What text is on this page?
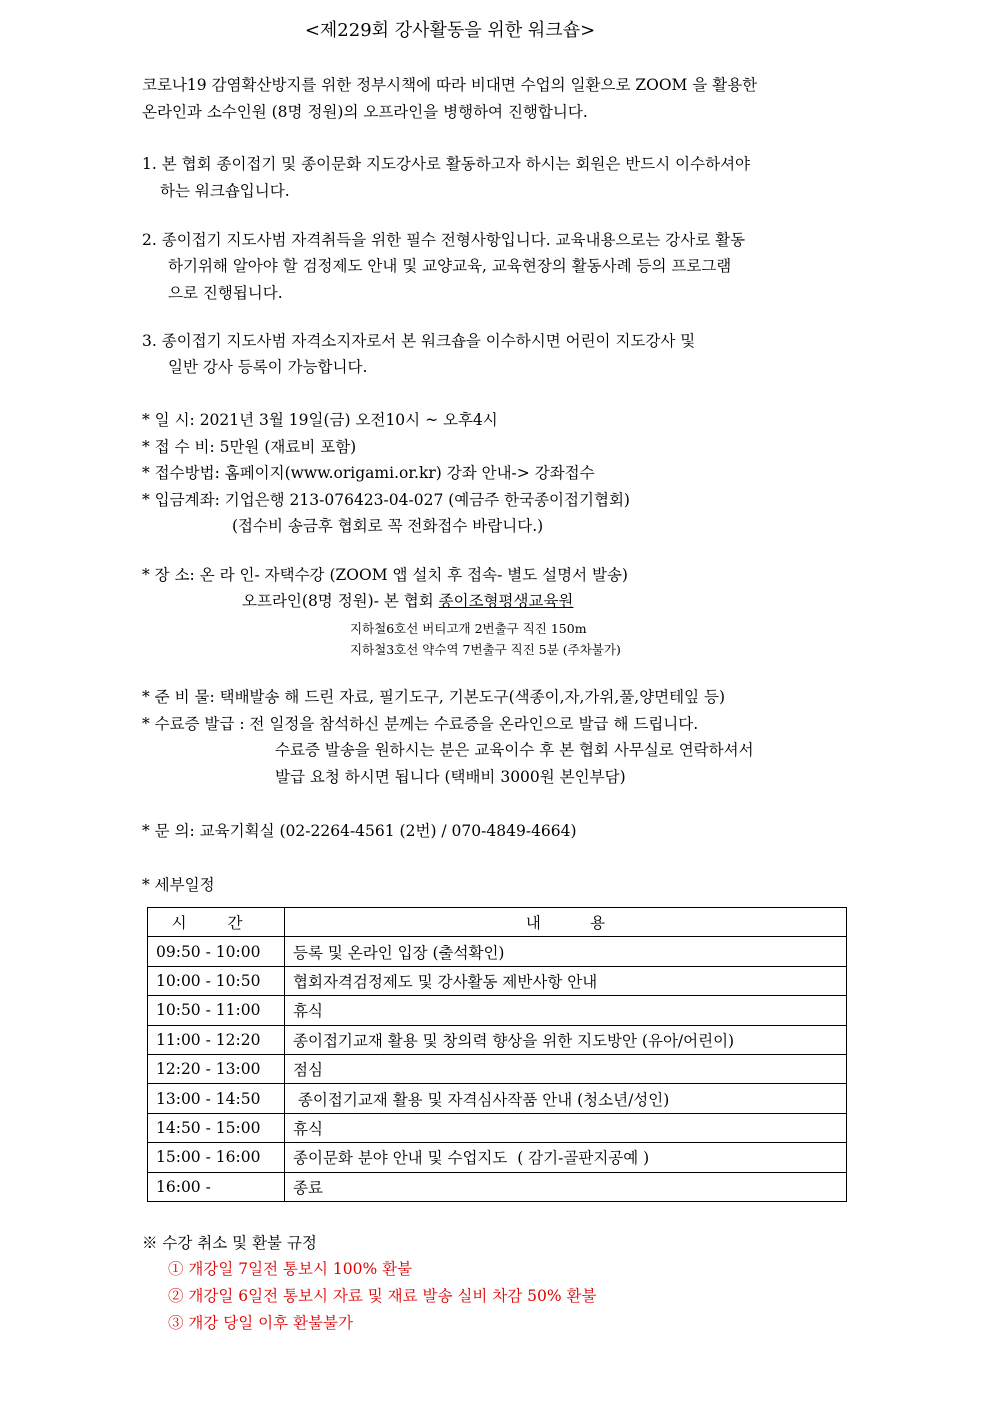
<제229회 강사활동을 위한 워크숍>
코로나19 감염확산방지를 위한 정부시책에 따라 비대면 수업의 일환으로 ZOOM 을 활용한
온라인과 소수인원 (8명 정원)의 오프라인을 병행하여 진행합니다.
1. 본 협회 종이접기 및 종이문화 지도강사로 활동하고자 하시는 회원은 반드시 이수하셔야
하는 워크숍입니다.
2. 종이접기 지도사범 자격취득을 위한 필수 전형사항입니다. 교육내용으로는 강사로 활동
하기위해 알아야 할 검정제도 안내 및 교양교육, 교육현장의 활동사례 등의 프로그램
으로 진행됩니다.
3. 종이접기 지도사범 자격소지자로서 본 워크숍을 이수하시면 어린이 지도강사 및
일반 강사 등록이 가능합니다.
* 일 시: 2021년 3월 19일(금) 오전10시 ~ 오후4시
* 접 수 비: 5만원 (재료비 포함)
* 접수방법: 홈페이지(www.origami.or.kr) 강좌 안내-> 강좌접수
* 입금계좌: 기업은행 213-076423-04-027 (예금주 한국종이접기협회)
(접수비 송금후 협회로 꼭 전화접수 바랍니다.)
* 장 소: 온 라 인- 자택수강 (ZOOM 앱 설치 후 접속- 별도 설명서 발송)
오프라인(8명 정원)- 본 협회 종이조형평생교육원
지하철6호선 버티고개 2번출구 직진 150m
지하철3호선 약수역 7번출구 직진 5분 (주차불가)
* 준 비 물: 택배발송 해 드린 자료, 필기도구, 기본도구(색종이,자,가위,풀,양면테잎 등)
* 수료증 발급 : 전 일정을 참석하신 분께는 수료증을 온라인으로 발급 해 드립니다.
수료증 발송을 원하시는 분은 교육이수 후 본 협회 사무실로 연락하셔서
발급 요청 하시면 됩니다 (택배비 3000원 본인부담)
* 문 의: 교육기획실 (02-2264-4561 (2번) / 070-4849-4664)
* 세부일정
시 간	내          용
09:50 - 10:00	등록 및 온라인 입장 (출석확인)
10:00 - 10:50	협회자격검정제도 및 강사활동 제반사항 안내
10:50 - 11:00	휴식
11:00 - 12:20	종이접기교재 활용 및 창의력 향상을 위한 지도방안 (유아/어린이)
12:20 - 13:00	점심
13:00 - 14:50	종이접기교재 활용 및 자격심사작품 안내 (청소년/성인)
14:50 - 15:00	휴식
15:00 - 16:00	종이문화 분야 안내 및 수업지도  ( 감기-골판지공예 )
16:00 -	종료
※ 수강 취소 및 환불 규정
① 개강일 7일전 통보시 100% 환불
② 개강일 6일전 통보시 자료 및 재료 발송 실비 차감 50% 환불
③ 개강 당일 이후 환불불가
